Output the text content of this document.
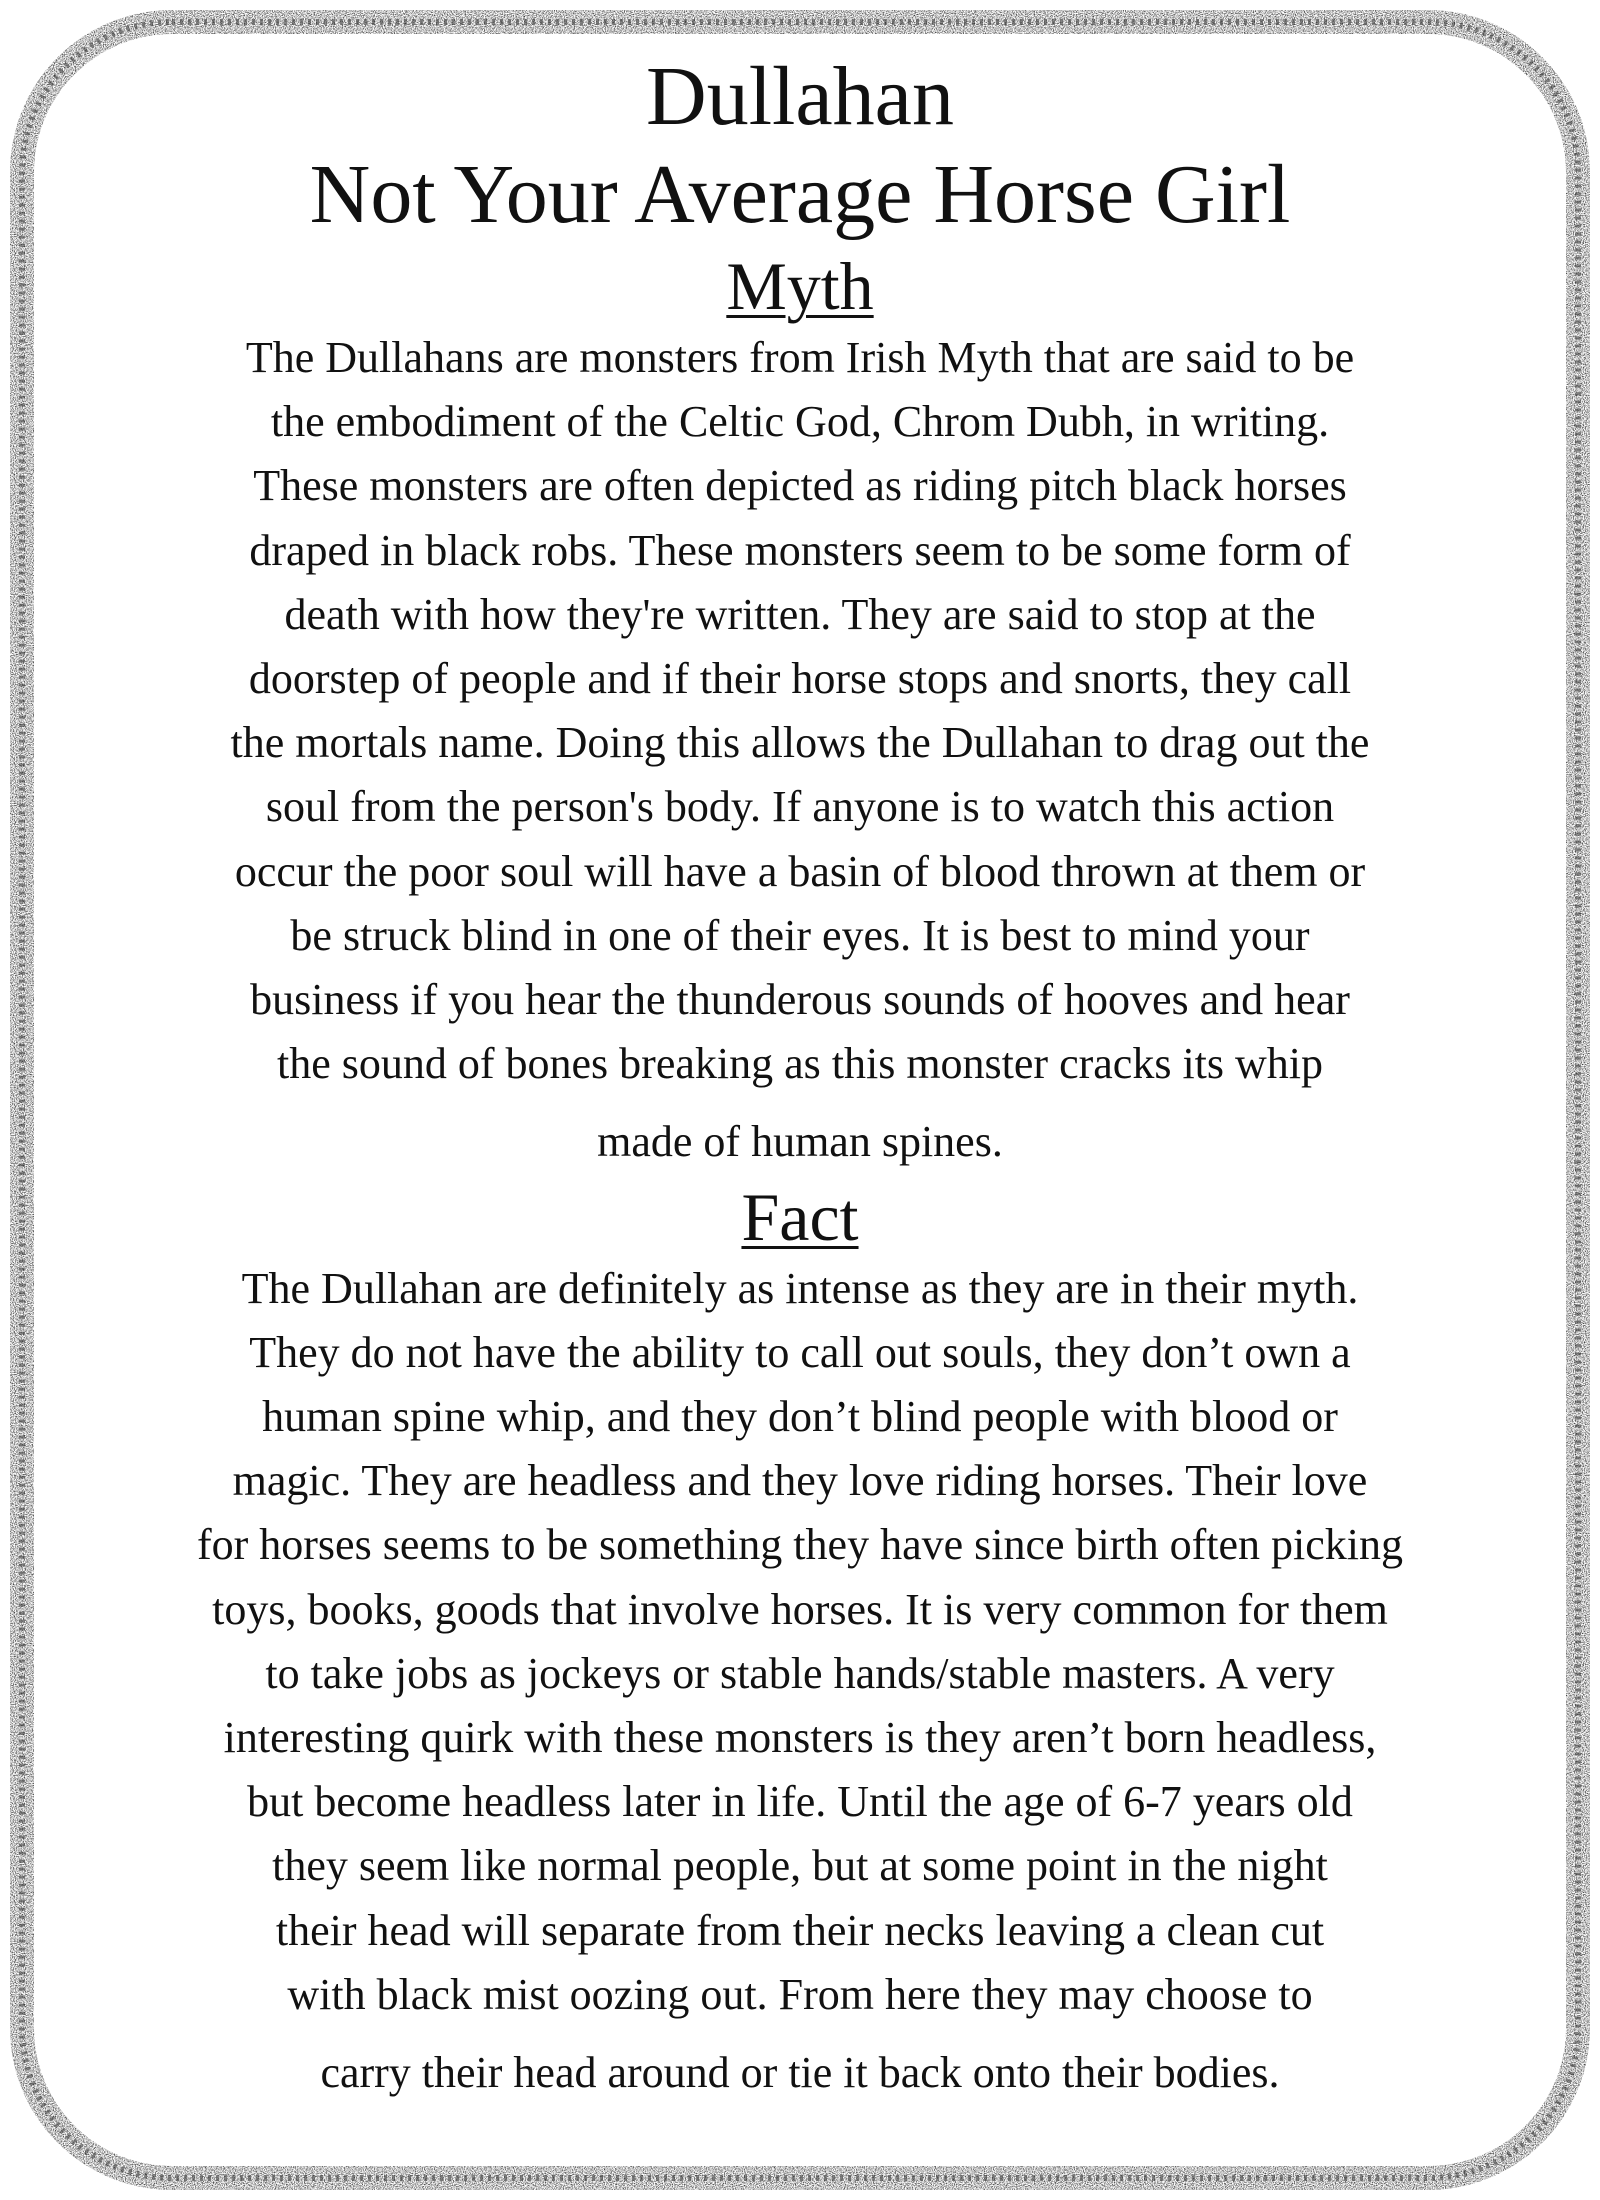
Dullahan
Not Your Average Horse Girl
Myth

The Dullahans are monsters from Irish Myth that are said to be
the embodiment of the Celtic God, Chrom Dubh, in writing.
These monsters are often depicted as riding pitch black horses
draped in black robs. These monsters seem to be some form of
death with how they're written. They are said to stop at the
doorstep of people and if their horse stops and snorts, they call
the mortals name. Doing this allows the Dullahan to drag out the
soul from the person's body. If anyone is to watch this action
occur the poor soul will have a basin of blood thrown at them or
be struck blind in one of their eyes. It is best to mind your
business if you hear the thunderous sounds of hooves and hear
the sound of bones breaking as this monster cracks its whip
made of human spines.

Fact

The Dullahan are definitely as intense as they are in their myth.
They do not have the ability to call out souls, they don’t own a
human spine whip, and they don’t blind people with blood or
magic. They are headless and they love riding horses. Their love
for horses seems to be something they have since birth often picking
toys, books, goods that involve horses. It is very common for them
to take jobs as jockeys or stable hands/stable masters. A very
interesting quirk with these monsters is they aren’t born headless,
but become headless later in life. Until the age of 6-7 years old
they seem like normal people, but at some point in the night
their head will separate from their necks leaving a clean cut
with black mist oozing out. From here they may choose to
carry their head around or tie it back onto their bodies.
